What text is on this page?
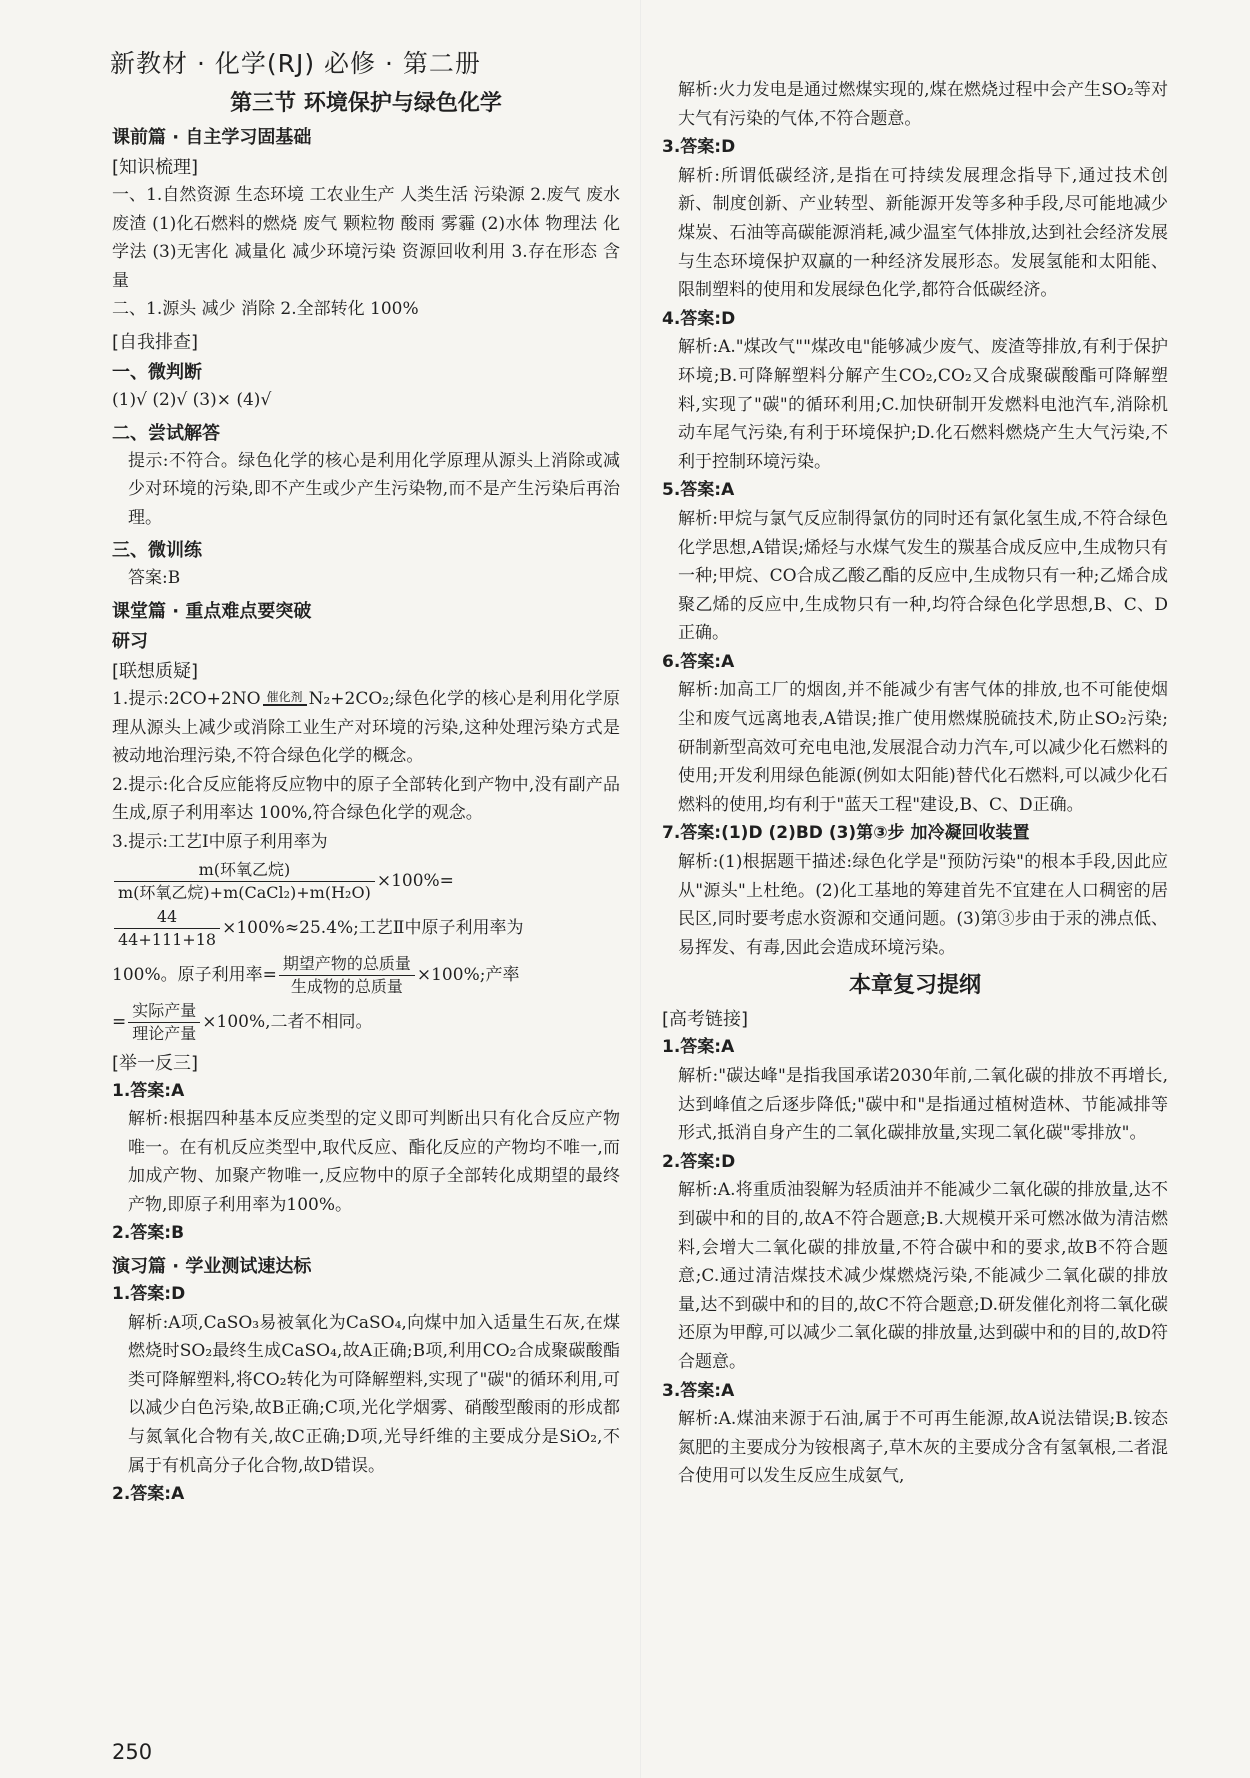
新教材 · 化学(RJ) 必修 · 第二册
第三节 环境保护与绿色化学
课前篇 · 自主学习固基础
[知识梳理]

一、1.自然资源 生态环境 工农业生产 人类生活 污染源 2.废气 废水 废渣 (1)化石燃料的燃烧 废气 颗粒物 酸雨 雾霾 (2)水体 物理法 化学法 (3)无害化 减量化 减少环境污染 资源回收利用 3.存在形态 含量

二、1.源头 减少 消除 2.全部转化 100%

[自我排查]
一、微判断

(1)√ (2)√ (3)× (4)√

二、尝试解答

提示:不符合。绿色化学的核心是利用化学原理从源头上消除或减少对环境的污染,即不产生或少产生污染物,而不是产生污染后再治理。

三、微训练

答案:B

课堂篇 · 重点难点要突破
研习
[联想质疑]

1.提示:2CO+2NO 催化剂 N₂+2CO₂;绿色化学的核心是利用化学原理从源头上减少或消除工业生产对环境的污染,这种处理污染方式是被动地治理污染,不符合绿色化学的概念。

2.提示:化合反应能将反应物中的原子全部转化到产物中,没有副产品生成,原子利用率达 100%,符合绿色化学的观念。

3.提示:工艺Ⅰ中原子利用率为

$\frac{\text{m(环氧乙烷)}}{\text{m(环氧乙烷)+m(CaCl₂)+m(H₂O)}} \times 100\%=$
$\frac{44}{44+111+18} \times 100\%\approx 25.4\%$;工艺Ⅱ中原子利用率为
100%。原子利用率= $\frac{\text{期望产物的总质量}}{\text{生成物的总质量}} \times 100\%$;产率
= $\frac{\text{实际产量}}{\text{理论产量}} \times 100\%$,二者不相同。
[举一反三]

1.答案:A

解析:根据四种基本反应类型的定义即可判断出只有化合反应产物唯一。在有机反应类型中,取代反应、酯化反应的产物均不唯一,而加成产物、加聚产物唯一,反应物中的原子全部转化成期望的最终产物,即原子利用率为100%。

2.答案:B

演习篇 · 学业测试速达标

1.答案:D

解析:A项,CaSO₃易被氧化为CaSO₄,向煤中加入适量生石灰,在煤燃烧时SO₂最终生成CaSO₄,故A正确;B项,利用CO₂合成聚碳酸酯类可降解塑料,将CO₂转化为可降解塑料,实现了"碳"的循环利用,可以减少白色污染,故B正确;C项,光化学烟雾、硝酸型酸雨的形成都与氮氧化合物有关,故C正确;D项,光导纤维的主要成分是SiO₂,不属于有机高分子化合物,故D错误。

2.答案:A

解析:火力发电是通过燃煤实现的,煤在燃烧过程中会产生SO₂等对大气有污染的气体,不符合题意。

3.答案:D

解析:所谓低碳经济,是指在可持续发展理念指导下,通过技术创新、制度创新、产业转型、新能源开发等多种手段,尽可能地减少煤炭、石油等高碳能源消耗,减少温室气体排放,达到社会经济发展与生态环境保护双赢的一种经济发展形态。发展氢能和太阳能、限制塑料的使用和发展绿色化学,都符合低碳经济。

4.答案:D

解析:A."煤改气""煤改电"能够减少废气、废渣等排放,有利于保护环境;B.可降解塑料分解产生CO₂,CO₂又合成聚碳酸酯可降解塑料,实现了"碳"的循环利用;C.加快研制开发燃料电池汽车,消除机动车尾气污染,有利于环境保护;D.化石燃料燃烧产生大气污染,不利于控制环境污染。

5.答案:A

解析:甲烷与氯气反应制得氯仿的同时还有氯化氢生成,不符合绿色化学思想,A错误;烯烃与水煤气发生的羰基合成反应中,生成物只有一种;甲烷、CO合成乙酸乙酯的反应中,生成物只有一种;乙烯合成聚乙烯的反应中,生成物只有一种,均符合绿色化学思想,B、C、D正确。

6.答案:A

解析:加高工厂的烟囱,并不能减少有害气体的排放,也不可能使烟尘和废气远离地表,A错误;推广使用燃煤脱硫技术,防止SO₂污染;研制新型高效可充电电池,发展混合动力汽车,可以减少化石燃料的使用;开发利用绿色能源(例如太阳能)替代化石燃料,可以减少化石燃料的使用,均有利于"蓝天工程"建设,B、C、D正确。

7.答案:(1)D (2)BD (3)第③步 加冷凝回收装置

解析:(1)根据题干描述:绿色化学是"预防污染"的根本手段,因此应从"源头"上杜绝。(2)化工基地的筹建首先不宜建在人口稠密的居民区,同时要考虑水资源和交通问题。(3)第③步由于汞的沸点低、易挥发、有毒,因此会造成环境污染。

本章复习提纲
[高考链接]

1.答案:A

解析:"碳达峰"是指我国承诺2030年前,二氧化碳的排放不再增长,达到峰值之后逐步降低;"碳中和"是指通过植树造林、节能减排等形式,抵消自身产生的二氧化碳排放量,实现二氧化碳"零排放"。

2.答案:D

解析:A.将重质油裂解为轻质油并不能减少二氧化碳的排放量,达不到碳中和的目的,故A不符合题意;B.大规模开采可燃冰做为清洁燃料,会增大二氧化碳的排放量,不符合碳中和的要求,故B不符合题意;C.通过清洁煤技术减少煤燃烧污染,不能减少二氧化碳的排放量,达不到碳中和的目的,故C不符合题意;D.研发催化剂将二氧化碳还原为甲醇,可以减少二氧化碳的排放量,达到碳中和的目的,故D符合题意。

3.答案:A

解析:A.煤油来源于石油,属于不可再生能源,故A说法错误;B.铵态氮肥的主要成分为铵根离子,草木灰的主要成分含有氢氧根,二者混合使用可以发生反应生成氨气,

250
